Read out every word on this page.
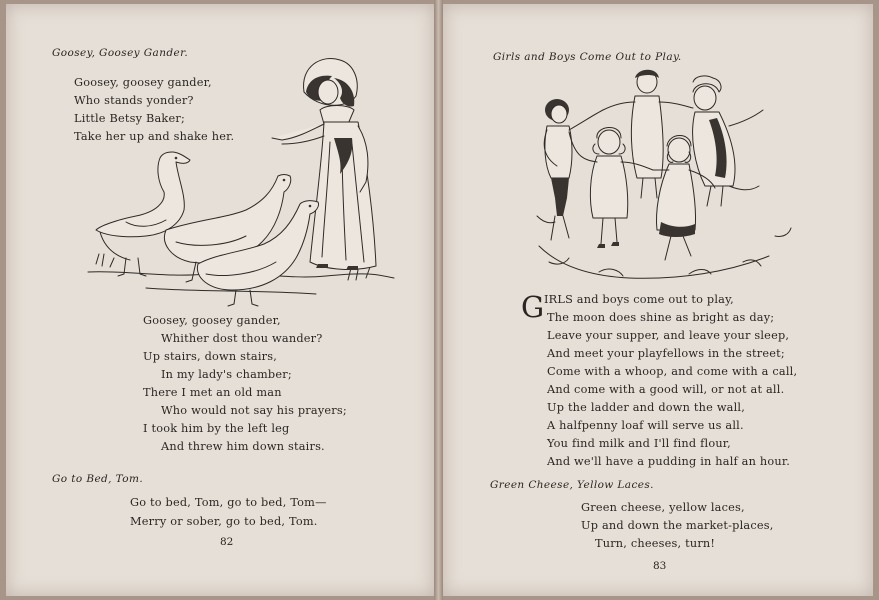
Goosey, Goosey Gander.
Goosey, goosey gander,
Who stands yonder?
Little Betsy Baker;
Take her up and shake her.
Goosey, goosey gander,
Whither dost thou wander?
Up stairs, down stairs,
In my lady's chamber;
There I met an old man
Who would not say his prayers;
I took him by the left leg
And threw him down stairs.
Go to Bed, Tom.
Go to bed, Tom, go to bed, Tom—
Merry or sober, go to bed, Tom.
82
Girls and Boys Come Out to Play.
G IRLS and boys come out to play,
The moon does shine as bright as day;
Leave your supper, and leave your sleep,
And meet your playfellows in the street;
Come with a whoop, and come with a call,
And come with a good will, or not at all.
Up the ladder and down the wall,
A halfpenny loaf will serve us all.
You find milk and I'll find flour,
And we'll have a pudding in half an hour.
Green Cheese, Yellow Laces.
Green cheese, yellow laces,
Up and down the market-places,
Turn, cheeses, turn!
83
